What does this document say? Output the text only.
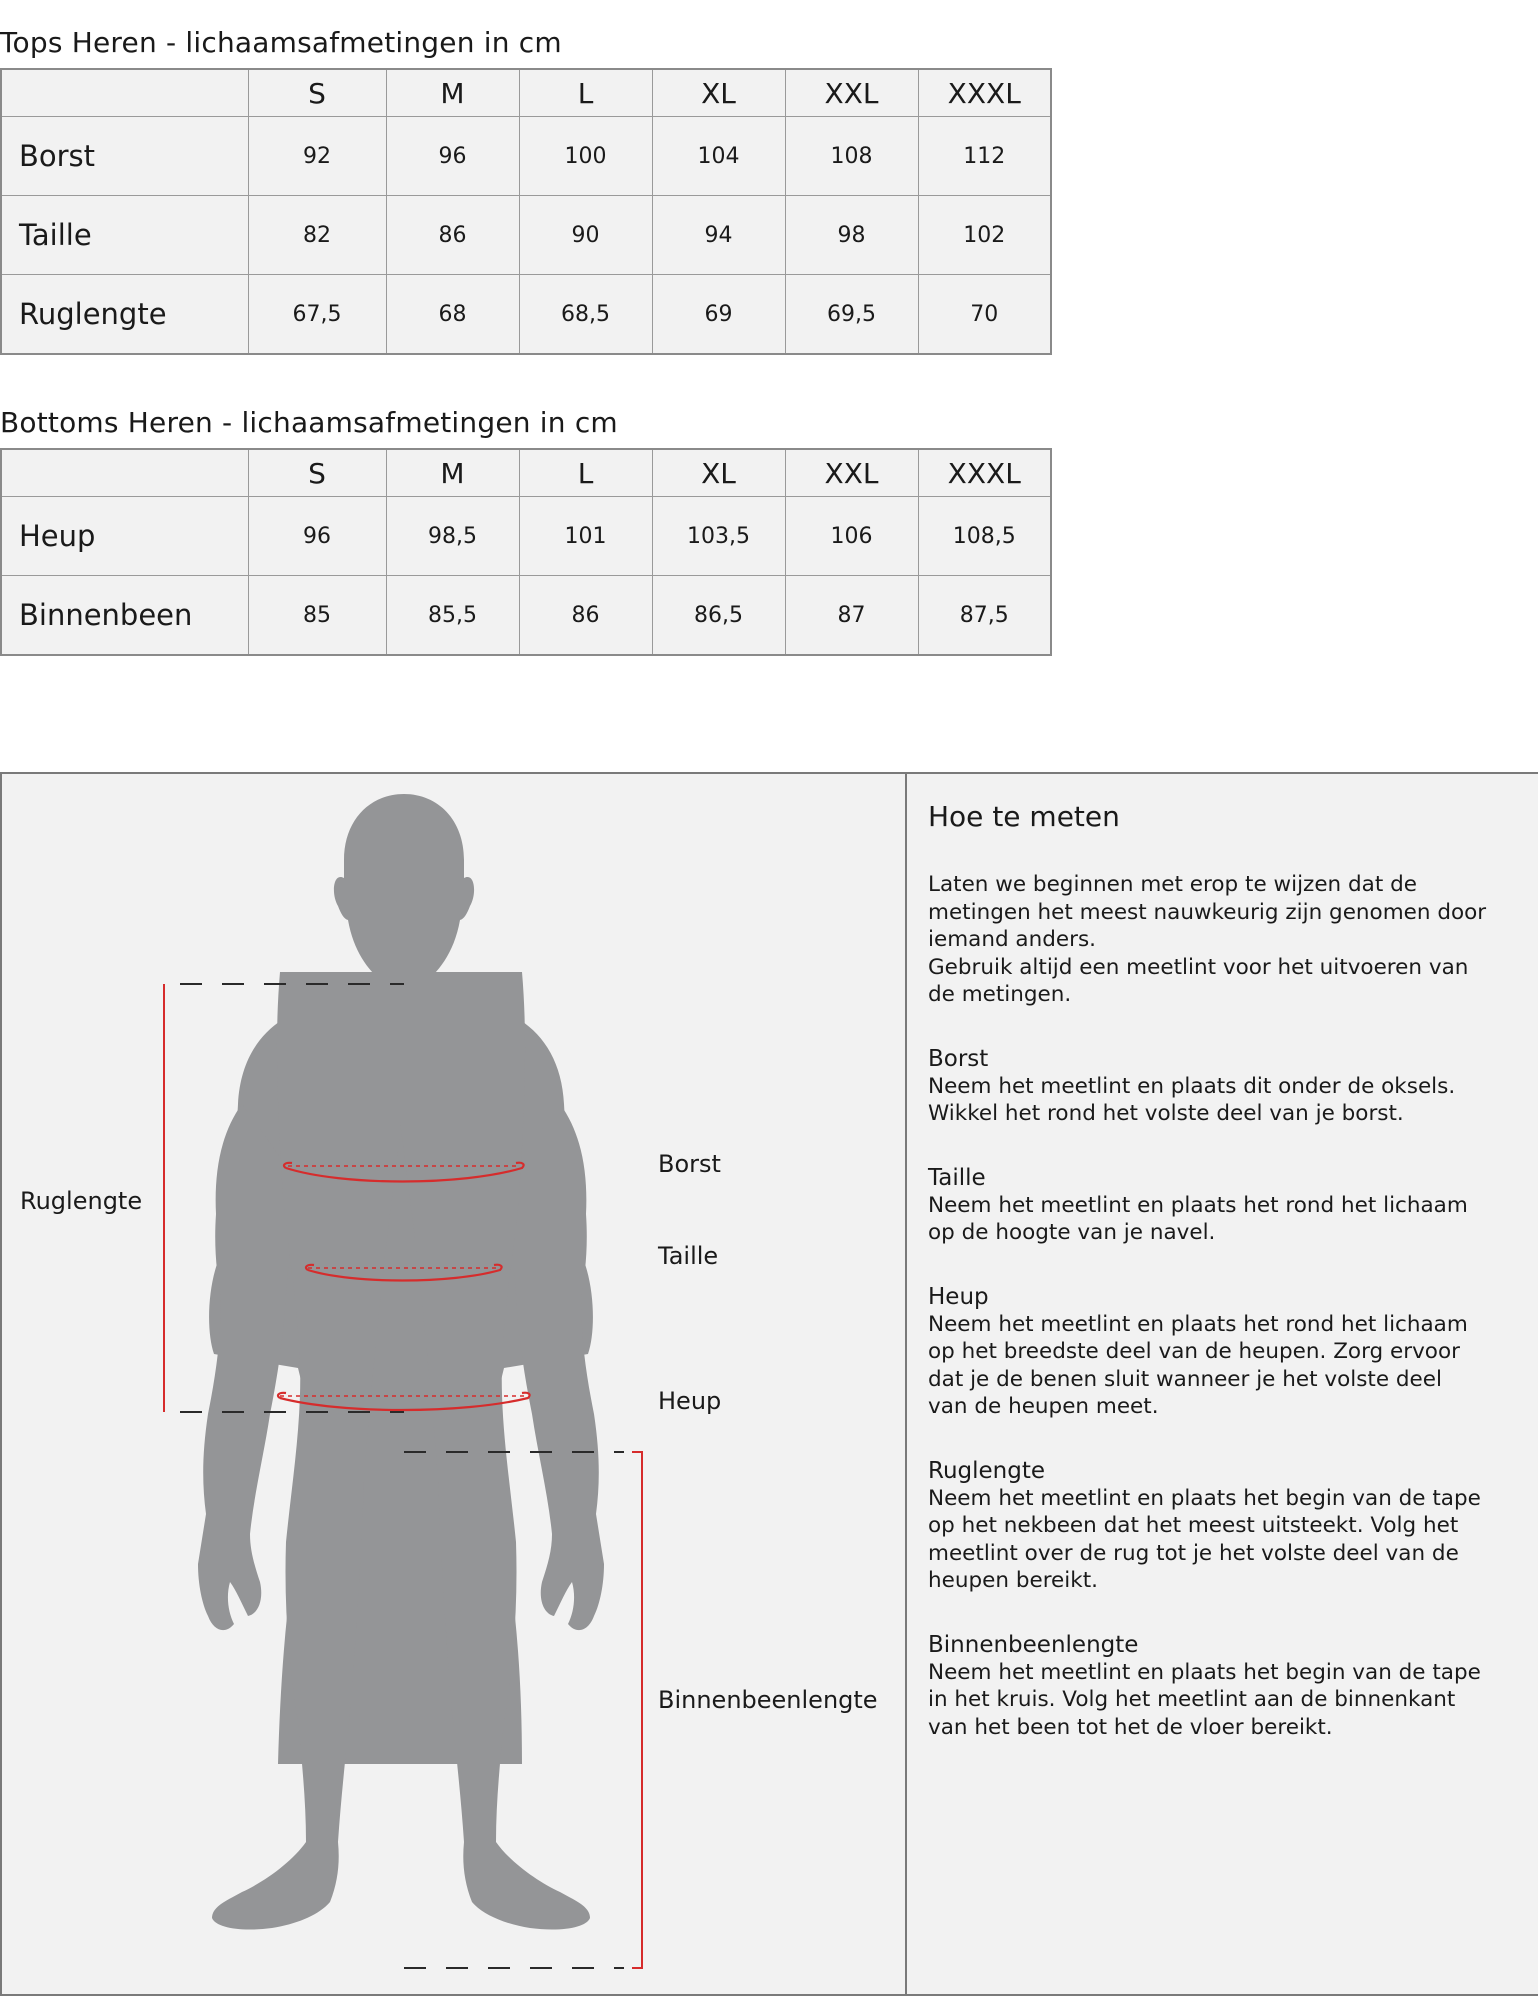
Tops Heren - lichaamsafmetingen in cm
	S	M	L	XL	XXL	XXXL
Borst	92	96	100	104	108	112
Taille	82	86	90	94	98	102
Ruglengte	67,5	68	68,5	69	69,5	70
Bottoms Heren - lichaamsafmetingen in cm
	S	M	L	XL	XXL	XXXL
Heup	96	98,5	101	103,5	106	108,5
Binnenbeen	85	85,5	86	86,5	87	87,5
Ruglengte
Borst
Taille
Heup
Binnenbeenlengte
Hoe te meten

Laten we beginnen met erop te wijzen dat de

metingen het meest nauwkeurig zijn genomen door

iemand anders.

Gebruik altijd een meetlint voor het uitvoeren van

de metingen.

Borst

Neem het meetlint en plaats dit onder de oksels.

Wikkel het rond het volste deel van je borst.

Taille

Neem het meetlint en plaats het rond het lichaam

op de hoogte van je navel.

Heup

Neem het meetlint en plaats het rond het lichaam

op het breedste deel van de heupen. Zorg ervoor

dat je de benen sluit wanneer je het volste deel

van de heupen meet.

Ruglengte

Neem het meetlint en plaats het begin van de tape

op het nekbeen dat het meest uitsteekt. Volg het

meetlint over de rug tot je het volste deel van de

heupen bereikt.

Binnenbeenlengte

Neem het meetlint en plaats het begin van de tape

in het kruis. Volg het meetlint aan de binnenkant

van het been tot het de vloer bereikt.
